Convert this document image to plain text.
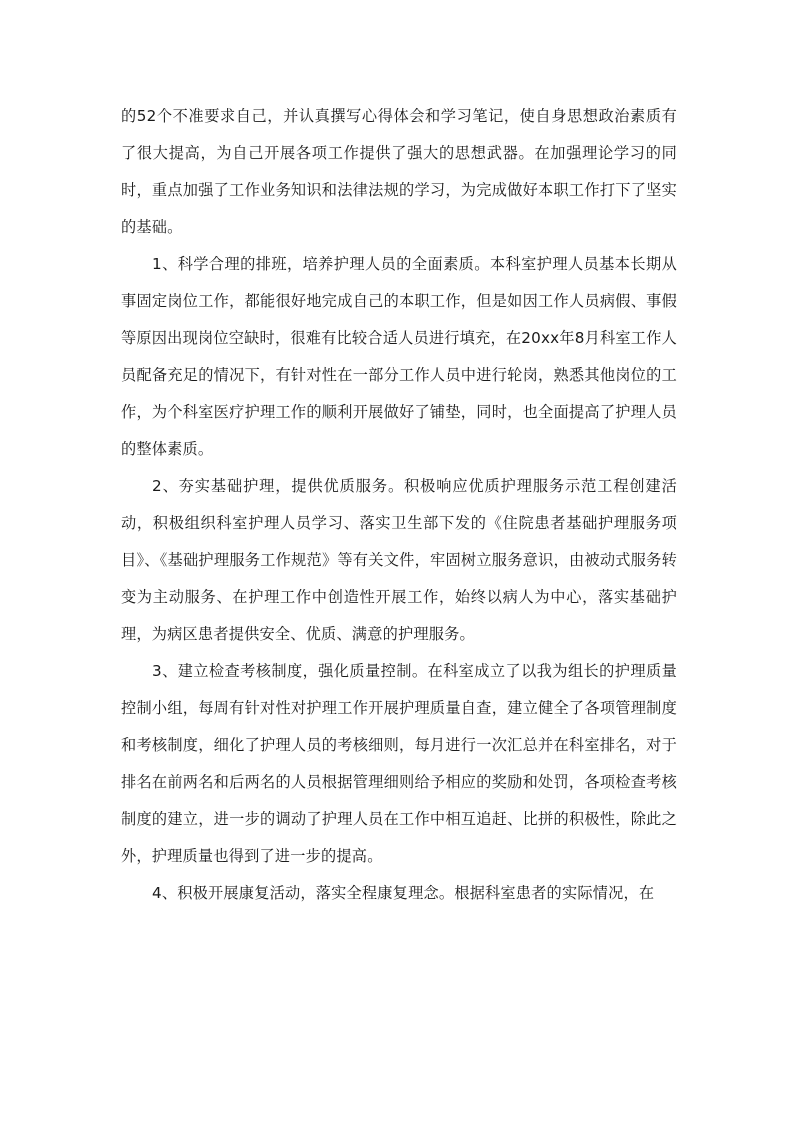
的52个不准要求自己，并认真撰写心得体会和学习笔记，使自身思想政治素质有了很大提高，为自己开展各项工作提供了强大的思想武器。在加强理论学习的同时，重点加强了工作业务知识和法律法规的学习，为完成做好本职工作打下了坚实的基础。

1、科学合理的排班，培养护理人员的全面素质。本科室护理人员基本长期从事固定岗位工作，都能很好地完成自己的本职工作，但是如因工作人员病假、事假等原因出现岗位空缺时，很难有比较合适人员进行填充，在20xx年8月科室工作人员配备充足的情况下，有针对性在一部分工作人员中进行轮岗，熟悉其他岗位的工作，为个科室医疗护理工作的顺利开展做好了铺垫，同时，也全面提高了护理人员的整体素质。

2、夯实基础护理，提供优质服务。积极响应优质护理服务示范工程创建活动，积极组织科室护理人员学习、落实卫生部下发的《住院患者基础护理服务项目》、《基础护理服务工作规范》等有关文件，牢固树立服务意识，由被动式服务转变为主动服务、在护理工作中创造性开展工作，始终以病人为中心，落实基础护理，为病区患者提供安全、优质、满意的护理服务。

3、建立检查考核制度，强化质量控制。在科室成立了以我为组长的护理质量控制小组，每周有针对性对护理工作开展护理质量自查，建立健全了各项管理制度和考核制度，细化了护理人员的考核细则，每月进行一次汇总并在科室排名，对于排名在前两名和后两名的人员根据管理细则给予相应的奖励和处罚，各项检查考核制度的建立，进一步的调动了护理人员在工作中相互追赶、比拼的积极性，除此之外，护理质量也得到了进一步的提高。

4、积极开展康复活动，落实全程康复理念。根据科室患者的实际情况，在
